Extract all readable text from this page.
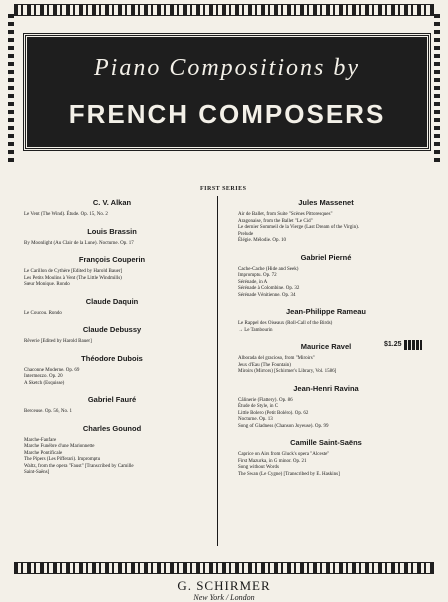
Piano Compositions by
FRENCH COMPOSERS
FIRST SERIES
C. V. Alkan
Le Vent (The Wind). Étude. Op. 15, No. 2
Louis Brassin
By Moonlight (Au Clair de la Lune). Nocturne. Op. 17
François Couperin
Le Carillon de Cythère [Edited by Harold Bauer]
Les Petits Moulins à Vent (The Little Windmills)
Sœur Monique. Rondo
Claude Daquin
Le Coucou. Rondo
Claude Debussy
Rêverie [Edited by Harold Bauer]
Théodore Dubois
Chaconne Moderne. Op. 69
Intermezzo. Op. 20
A Sketch (Esquisse)
Gabriel Fauré
Berceuse. Op. 56, No. 1
Charles Gounod
Marche-Fanfare
Marche Funèbre d'une Marionnette
Marche Pontificale
The Pipers (Les Pifferari). Impromptu
Waltz, from the opera "Faust" [Transcribed by Camille
Saint-Saëns]
Jules Massenet
Air de Ballet, from Suite "Scènes Pittoresques"
Aragonaise, from the Ballet "Le Cid"
Le dernier Sommeil de la Vierge (Last Dream of the Virgin).
Prelude
Élégie. Mélodie. Op. 10
Gabriel Pierné
Cache-Cache (Hide and Seek)
Impromptu. Op. 72
Sérénade, in A
Sérénade à Colombine. Op. 32
Sérénade Vénitienne. Op. 34
Jean-Philippe Rameau
Le Rappel des Oiseaux (Roll-Call of the Birds)
→ Le Tambourin
Maurice Ravel
Alborada del gracioso, from "Miroirs"
Jeux d'Eau (The Fountain)
Miroirs (Mirrors) [Schirmer's Library, Vol. 1586]
Jean-Henri Ravina
Câlinerie (Flattery). Op. 86
Étude de Style, in C
Little Bolero (Petit Boléro). Op. 62
Nocturne. Op. 13
Song of Gladness (Chanson Joyeuse). Op. 99
Camille Saint-Saëns
Caprice on Airs from Gluck's opera "Alceste"
First Mazurka, in G minor. Op. 21
Song without Words
The Swan (Le Cygne) [Transcribed by E. Haskins]
$1.25
G. SCHIRMER
New York / London
